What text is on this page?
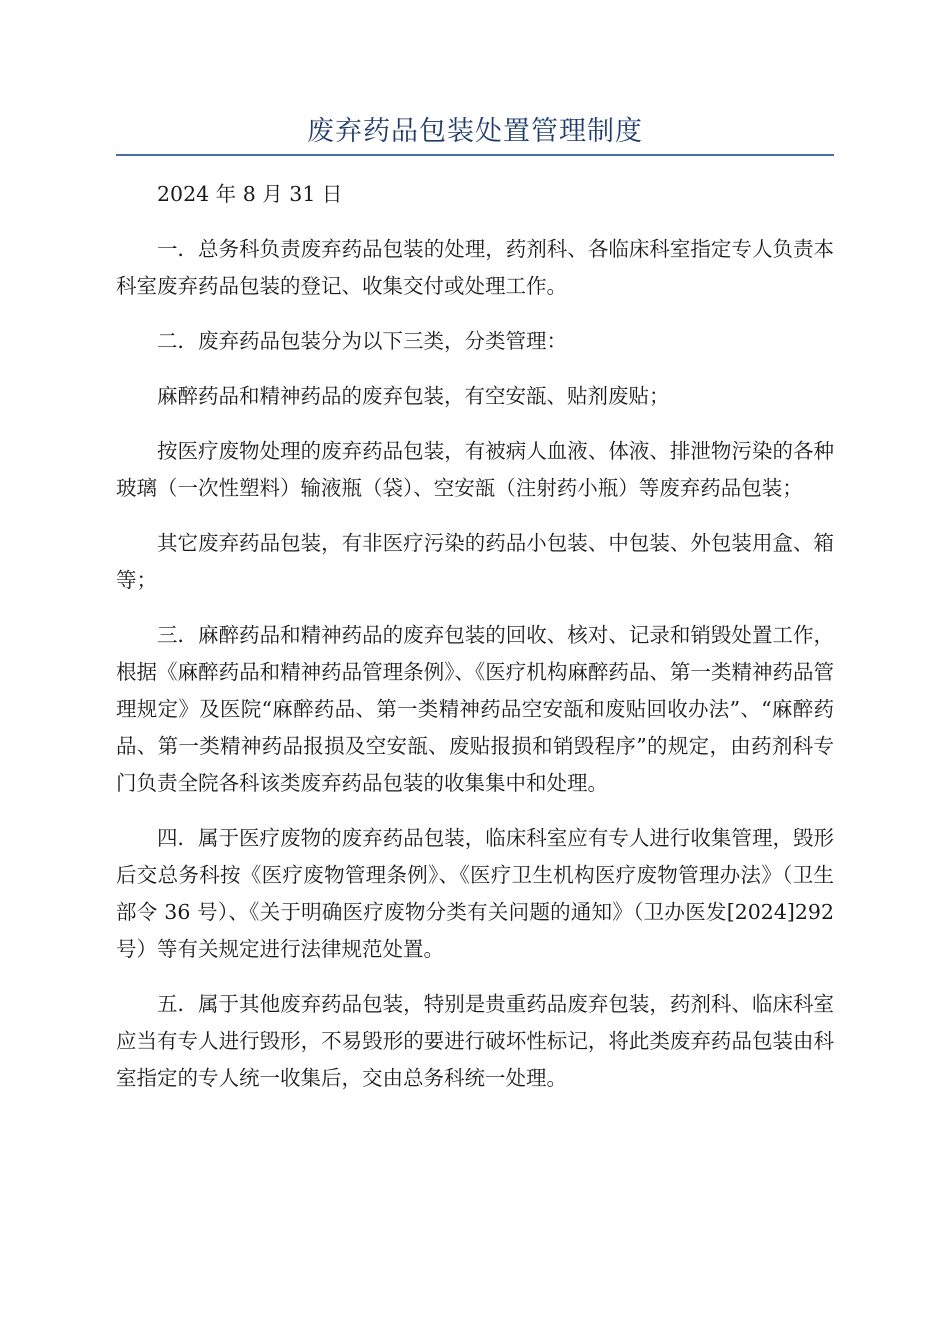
废弃药品包装处置管理制度

2024 年 8 月 31 日

一．总务科负责废弃药品包装的处理，药剂科、各临床科室指定专人负责本科室废弃药品包装的登记、收集交付或处理工作。

二．废弃药品包装分为以下三类，分类管理：

麻醉药品和精神药品的废弃包装，有空安瓿、贴剂废贴；

按医疗废物处理的废弃药品包装，有被病人血液、体液、排泄物污染的各种玻璃（一次性塑料）输液瓶（袋）、空安瓿（注射药小瓶）等废弃药品包装；

其它废弃药品包装，有非医疗污染的药品小包装、中包装、外包装用盒、箱等；

三．麻醉药品和精神药品的废弃包装的回收、核对、记录和销毁处置工作，根据《麻醉药品和精神药品管理条例》、《医疗机构麻醉药品、第一类精神药品管理规定》及医院“麻醉药品、第一类精神药品空安瓿和废贴回收办法”、“麻醉药品、第一类精神药品报损及空安瓿、废贴报损和销毁程序”的规定，由药剂科专门负责全院各科该类废弃药品包装的收集集中和处理。

四．属于医疗废物的废弃药品包装，临床科室应有专人进行收集管理，毁形后交总务科按《医疗废物管理条例》、《医疗卫生机构医疗废物管理办法》（卫生部令 36 号）、《关于明确医疗废物分类有关问题的通知》（卫办医发[2024]292 号）等有关规定进行法律规范处置。

五．属于其他废弃药品包装，特别是贵重药品废弃包装，药剂科、临床科室应当有专人进行毁形，不易毁形的要进行破坏性标记，将此类废弃药品包装由科室指定的专人统一收集后，交由总务科统一处理。
